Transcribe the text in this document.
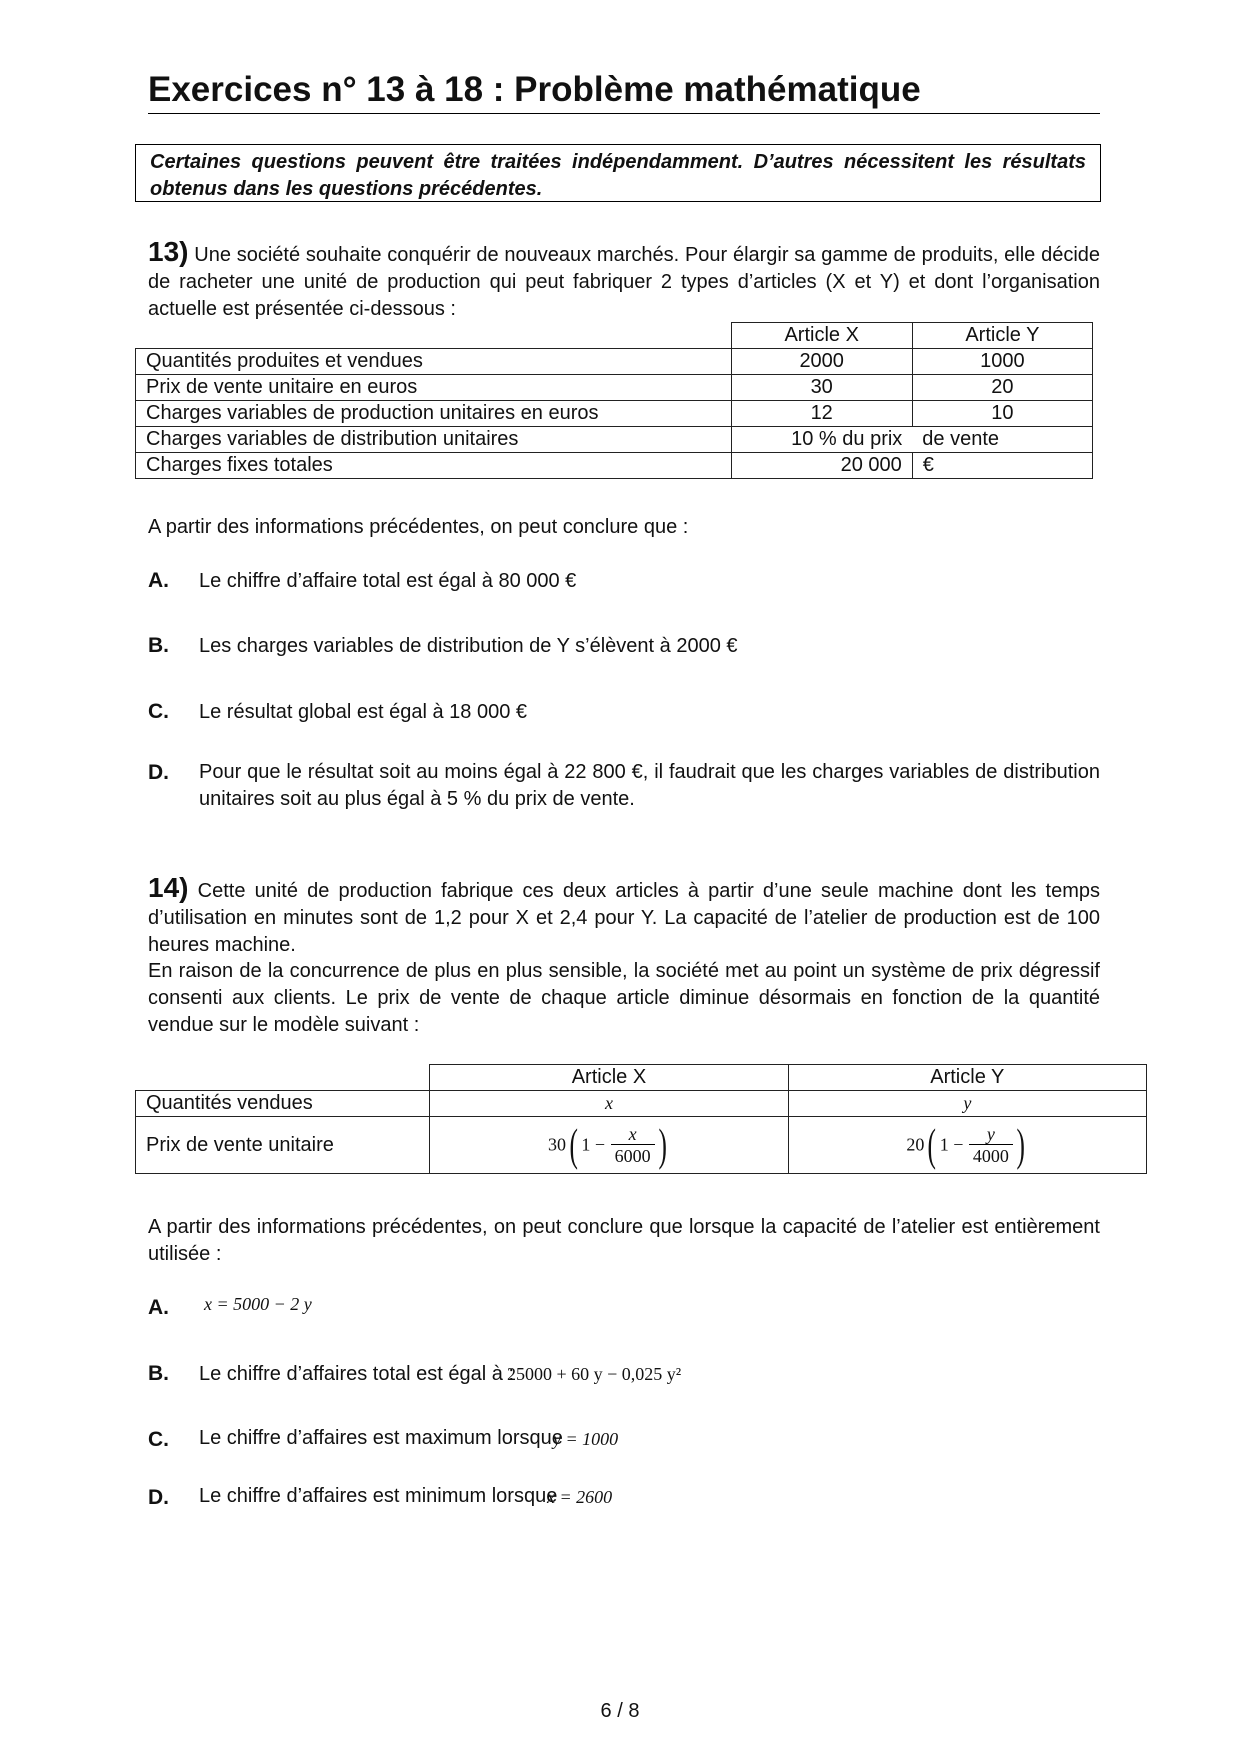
Exercices n° 13 à 18 : Problème mathématique
Certaines questions peuvent être traitées indépendamment. D’autres nécessitent les résultats obtenus dans les questions précédentes.
13) Une société souhaite conquérir de nouveaux marchés. Pour élargir sa gamme de produits, elle décide de racheter une unité de production qui peut fabriquer 2 types d’articles (X et Y) et dont l’organisation actuelle est présentée ci-dessous :
	Article X	Article Y
Quantités produites et vendues	2000	1000
Prix de vente unitaire en euros	30	20
Charges variables de production unitaires en euros	12	10
Charges variables de distribution unitaires	10 % du prix	de vente
Charges fixes totales	20 000	€
A partir des informations précédentes, on peut conclure que :
A. Le chiffre d’affaire total est égal à 80 000 €
B. Les charges variables de distribution de Y s’élèvent à 2000 €
C. Le résultat global est égal à 18 000 €
D. Pour que le résultat soit au moins égal à 22 800 €, il faudrait que les charges variables de distribution unitaires soit au plus égal à 5 % du prix de vente.
14) Cette unité de production fabrique ces deux articles à partir d’une seule machine dont les temps d’utilisation en minutes sont de 1,2 pour X et 2,4 pour Y. La capacité de l’atelier de production est de 100 heures machine.
En raison de la concurrence de plus en plus sensible, la société met au point un système de prix dégressif consenti aux clients. Le prix de vente de chaque article diminue désormais en fonction de la quantité vendue sur le modèle suivant :
	Article X	Article Y
Quantités vendues	x	y
Prix de vente unitaire	30( $1 - \frac{x}{6000}$ )	20( $1 - \frac{y}{4000}$ )
A partir des informations précédentes, on peut conclure que lorsque la capacité de l’atelier est entièrement utilisée :
A. x = 5000 − 2 y
B. Le chiffre d’affaires total est égal à :
25000 + 60 y − 0,025 y²
C. Le chiffre d’affaires est maximum lorsque
y = 1000
D. Le chiffre d’affaires est minimum lorsque
x = 2600
6 / 8
